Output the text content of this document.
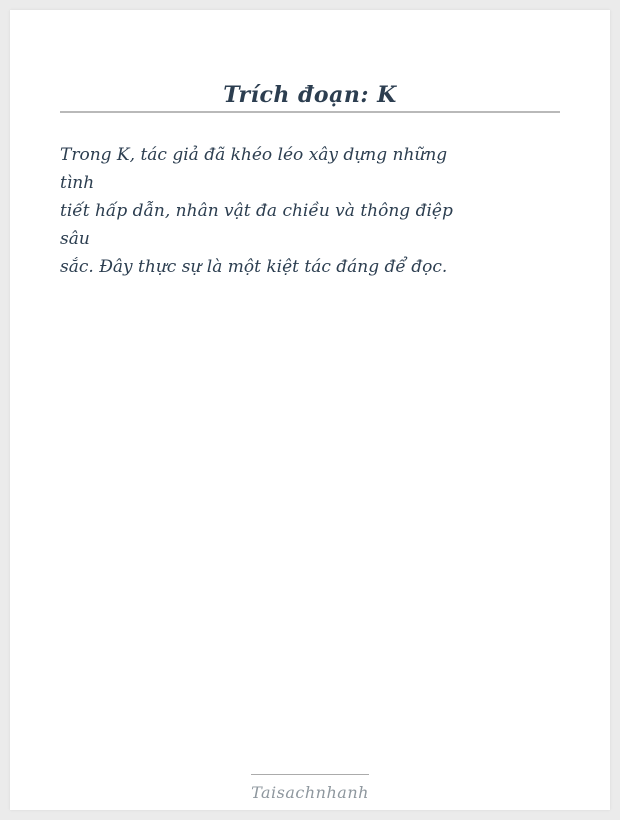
Trích đoạn: K
Trong K, tác giả đã khéo léo xây dựng những
tình
tiết hấp dẫn, nhân vật đa chiều và thông điệp
sâu
sắc. Đây thực sự là một kiệt tác đáng để đọc.
Taisachnhanh
